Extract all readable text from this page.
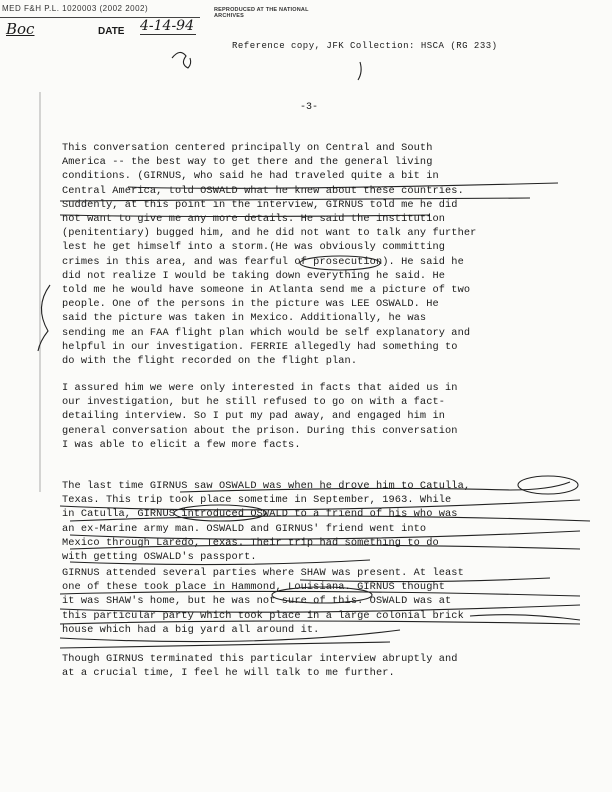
MED F&H P.L. 1020003 (2002 2002)	REPRODUCED AT THE NATIONAL ARCHIVES
Boc	DATE 4-14-94
Reference copy, JFK Collection: HSCA (RG 233)
-3-
This conversation centered principally on Central and South
America -- the best way to get there and the general living
conditions. (GIRNUS, who said he had traveled quite a bit in
Central America, told OSWALD what he knew about these countries.
Suddenly, at this point in the interview, GIRNUS told me he did
not want to give me any more details. He said the institution
(penitentiary) bugged him, and he did not want to talk any further
lest he get himself into a storm.(He was obviously committing
crimes in this area, and was fearful of prosecution). He said he
did not realize I would be taking down everything he said. He
told me he would have someone in Atlanta send me a picture of two
people. One of the persons in the picture was LEE OSWALD. He
said the picture was taken in Mexico. Additionally, he was
sending me an FAA flight plan which would be self explanatory and
helpful in our investigation. FERRIE allegedly had something to
do with the flight recorded on the flight plan.
I assured him we were only interested in facts that aided us in
our investigation, but he still refused to go on with a fact-
detailing interview. So I put my pad away, and engaged him in
general conversation about the prison. During this conversation
I was able to elicit a few more facts.
The last time GIRNUS saw OSWALD was when he drove him to Catulla,
Texas. This trip took place sometime in September, 1963. While
in Catulla, GIRNUS introduced OSWALD to a friend of his who was
an ex-Marine army man. OSWALD and GIRNUS' friend went into
Mexico through Laredo, Texas. Their trip had something to do
with getting OSWALD's passport.
GIRNUS attended several parties where SHAW was present. At least
one of these took place in Hammond, Louisiana. GIRNUS thought
it was SHAW's home, but he was not sure of this. OSWALD was at
this particular party which took place in a large colonial brick
house which had a big yard all around it.
Though GIRNUS terminated this particular interview abruptly and
at a crucial time, I feel he will talk to me further.
